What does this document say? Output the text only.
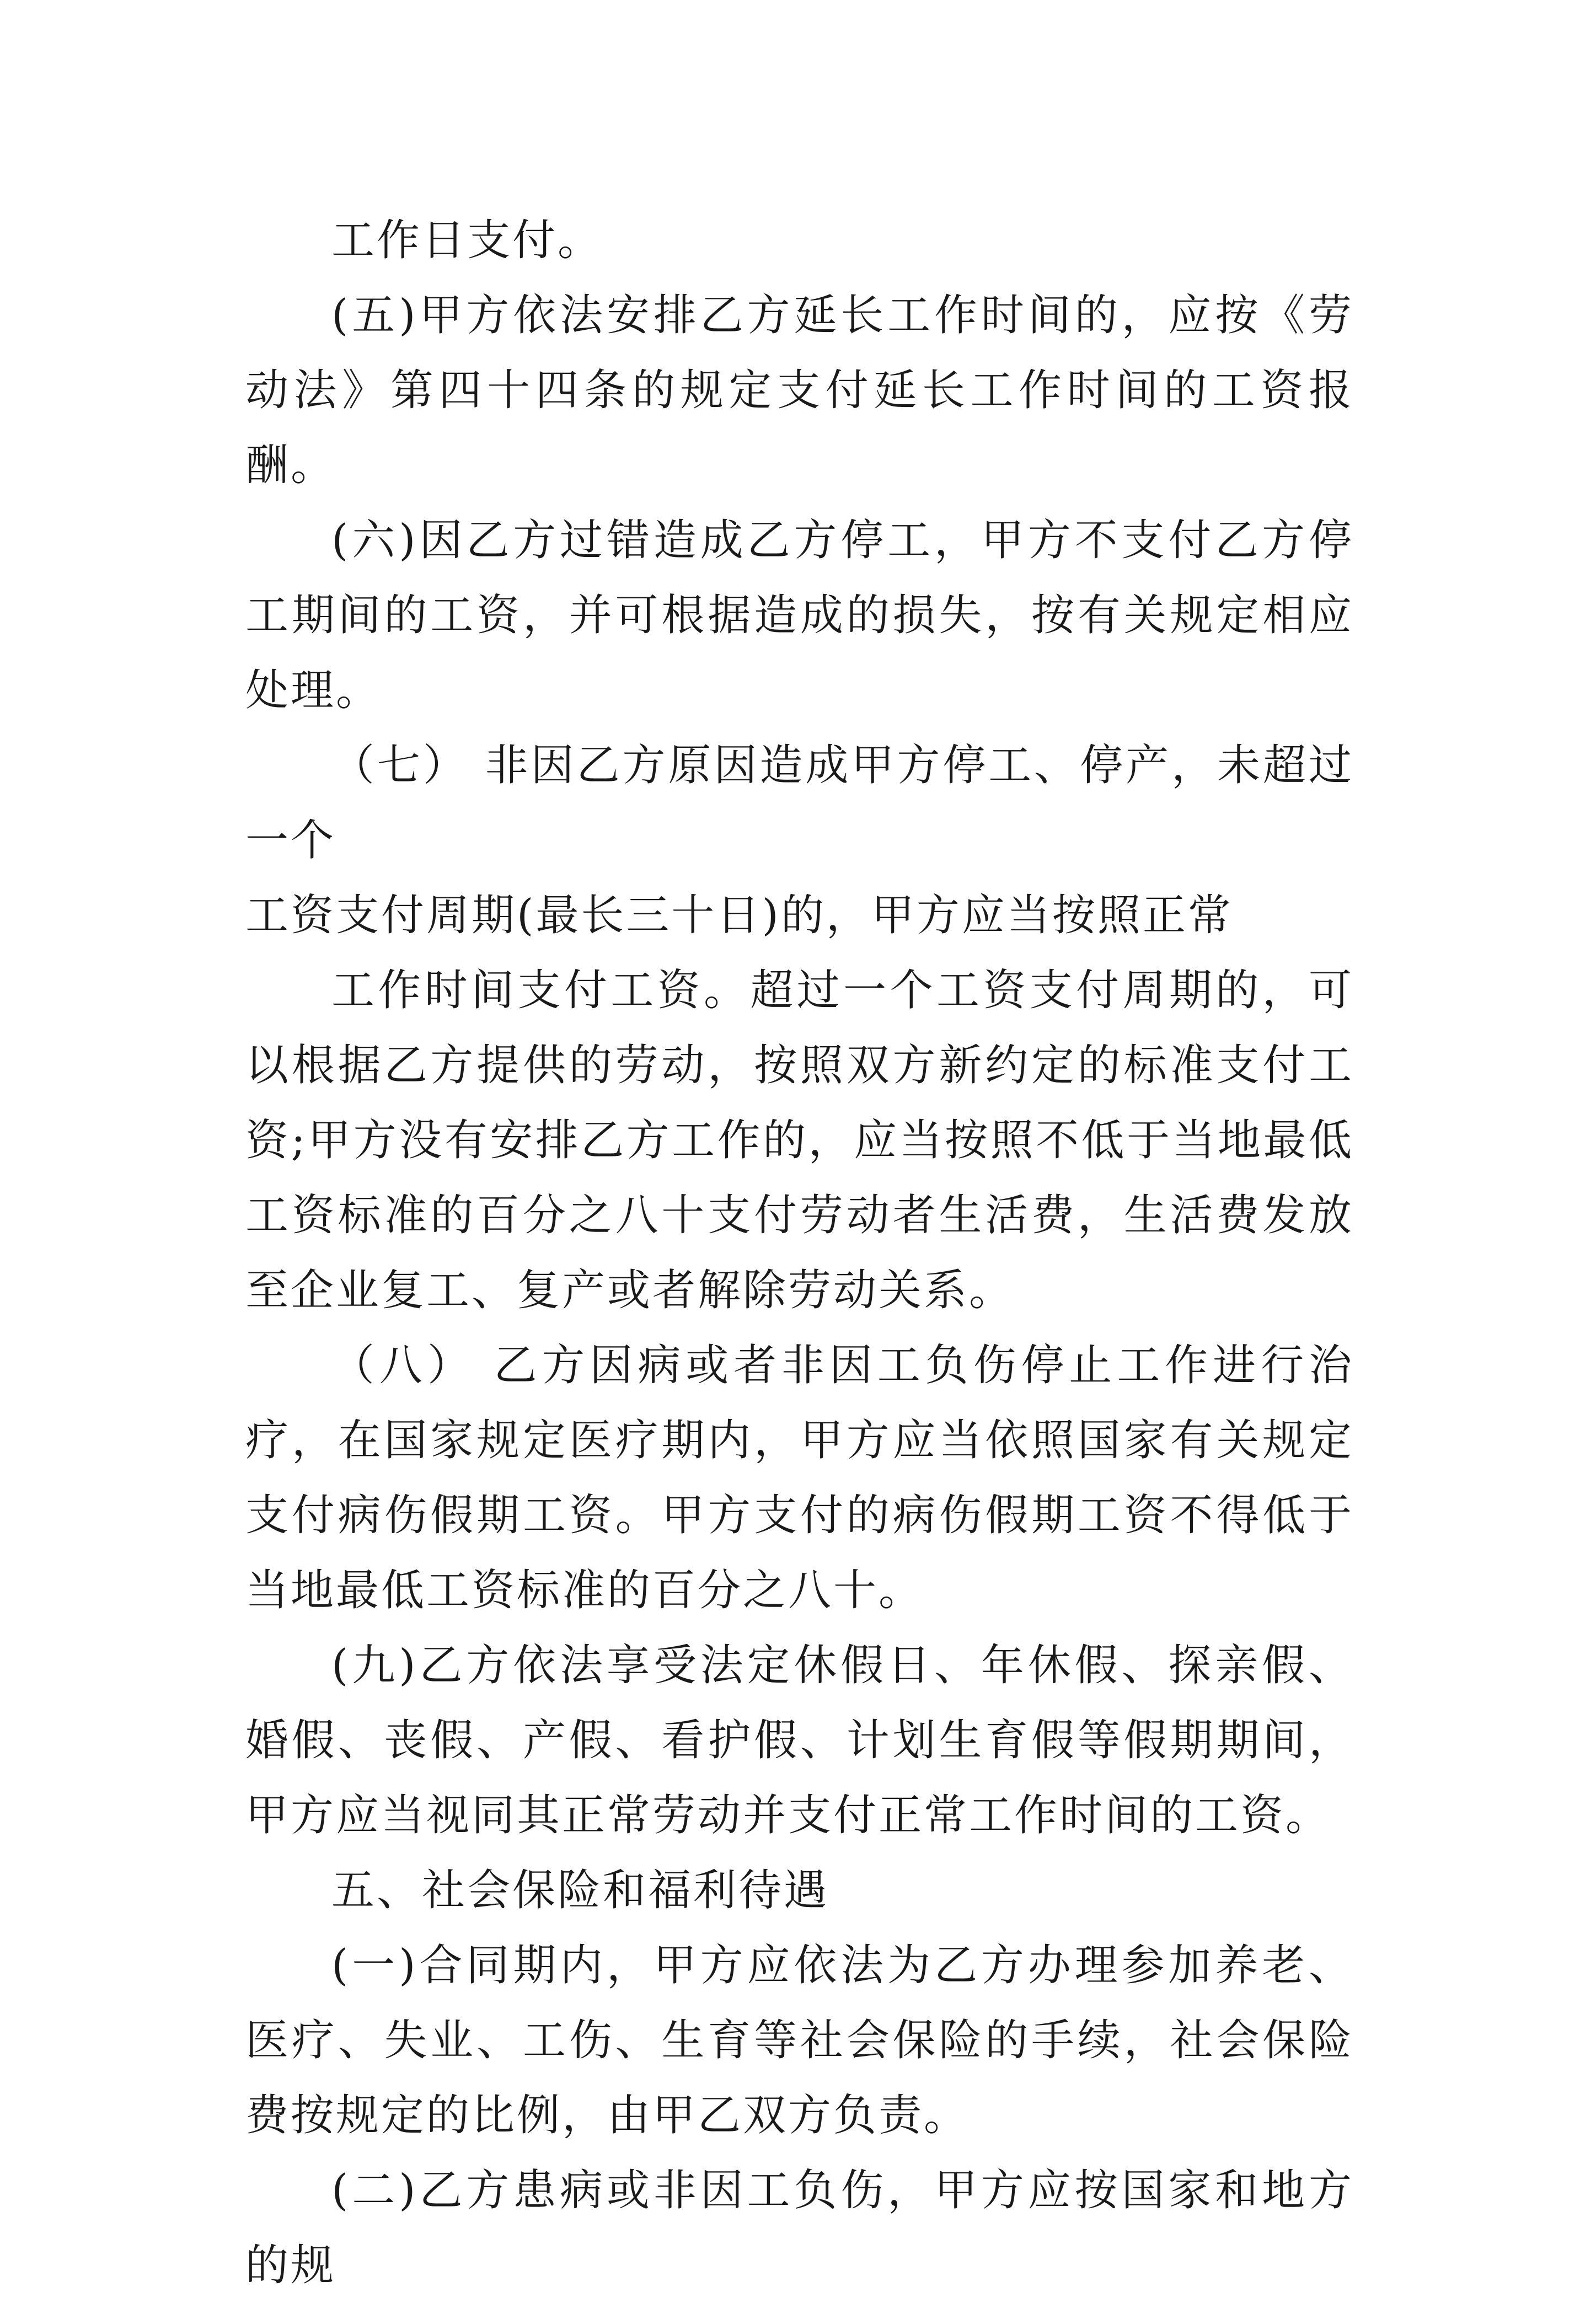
工作日支付。

(五)甲方依法安排乙方延长工作时间的，应按《劳动法》第四十四条的规定支付延长工作时间的工资报酬。

(六)因乙方过错造成乙方停工，甲方不支付乙方停工期间的工资，并可根据造成的损失，按有关规定相应处理。

（七） 非因乙方原因造成甲方停工、停产，未超过一个

工资支付周期(最长三十日)的，甲方应当按照正常

工作时间支付工资。超过一个工资支付周期的，可以根据乙方提供的劳动，按照双方新约定的标准支付工资;甲方没有安排乙方工作的，应当按照不低于当地最低工资标准的百分之八十支付劳动者生活费，生活费发放至企业复工、复产或者解除劳动关系。

（八） 乙方因病或者非因工负伤停止工作进行治疗，在国家规定医疗期内，甲方应当依照国家有关规定支付病伤假期工资。甲方支付的病伤假期工资不得低于当地最低工资标准的百分之八十。

(九)乙方依法享受法定休假日、年休假、探亲假、婚假、丧假、产假、看护假、计划生育假等假期期间，甲方应当视同其正常劳动并支付正常工作时间的工资。

五、社会保险和福利待遇

(一)合同期内，甲方应依法为乙方办理参加养老、医疗、失业、工伤、生育等社会保险的手续，社会保险费按规定的比例，由甲乙双方负责。

(二)乙方患病或非因工负伤，甲方应按国家和地方的规
